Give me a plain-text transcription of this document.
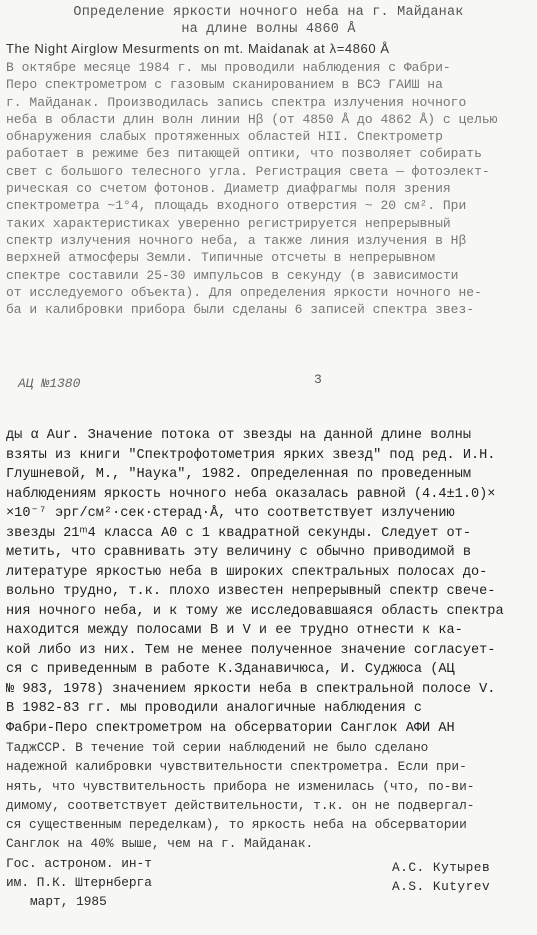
Определение яркости ночного неба на г. Майданак
на длине волны 4860 Å
The Night Airglow Mesurments on mt. Maidanak at λ=4860 Å
В октябре месяце 1984 г. мы проводили наблюдения с Фабри-
Перо спектрометром с газовым сканированием в ВСЭ ГАИШ на
г. Майданак. Производилась запись спектра излучения ночного
неба в области длин волн линии Hβ (от 4850 Å до 4862 Å) с целью
обнаружения слабых протяженных областей НII. Спектрометр
работает в режиме без питающей оптики, что позволяет собирать
свет с большого телесного угла. Регистрация света — фотоэлект-
рическая со счетом фотонов. Диаметр диафрагмы поля зрения
спектрометра ~1°4, площадь входного отверстия ~ 20 см². При
таких характеристиках уверенно регистрируется непрерывный
спектр излучения ночного неба, а также линия излучения в Hβ
верхней атмосферы Земли. Типичные отсчеты в непрерывном
спектре составили 25-30 импульсов в секунду (в зависимости
от исследуемого объекта). Для определения яркости ночного не-
ба и калибровки прибора были сделаны 6 записей спектра звез-
АЦ №1380	3
ды α Aur. Значение потока от звезды на данной длине волны
взяты из книги "Спектрофотометрия ярких звезд" под ред. И.Н.
Глушневой, М., "Наука", 1982. Определенная по проведенным
наблюдениям яркость ночного неба оказалась равной (4.4±1.0)×
×10⁻⁷ эрг/см²·сек·стерад·Å, что соответствует излучению
звезды 21ᵐ4 класса А0 с 1 квадратной секунды. Следует от-
метить, что сравнивать эту величину с обычно приводимой в
литературе яркостью неба в широких спектральных полосах до-
вольно трудно, т.к. плохо известен непрерывный спектр свече-
ния ночного неба, и к тому же исследовавшаяся область спектра
находится между полосами В и V и ее трудно отнести к ка-
кой либо из них. Тем не менее полученное значение согласует-
ся с приведенным в работе К.Зданавичюса, И. Суджюса (АЦ
№ 983, 1978) значением яркости неба в спектральной полосе V.
В 1982-83 гг. мы проводили аналогичные наблюдения с
Фабри-Перо спектрометром на обсерватории Санглок АФИ АН
ТаджССР. В течение той серии наблюдений не было сделано
надежной калибровки чувствительности спектрометра. Если при-
нять, что чувствительность прибора не изменилась (что, по-ви-
димому, соответствует действительности, т.к. он не подвергал-
ся существенным переделкам), то яркость неба на обсерватории
Санглок на 40% выше, чем на г. Майданак.
Гос. астроном. ин-т
им. П.К. Штернберга
март, 1985
А.С. Кутырев
A.S. Kutyrev
